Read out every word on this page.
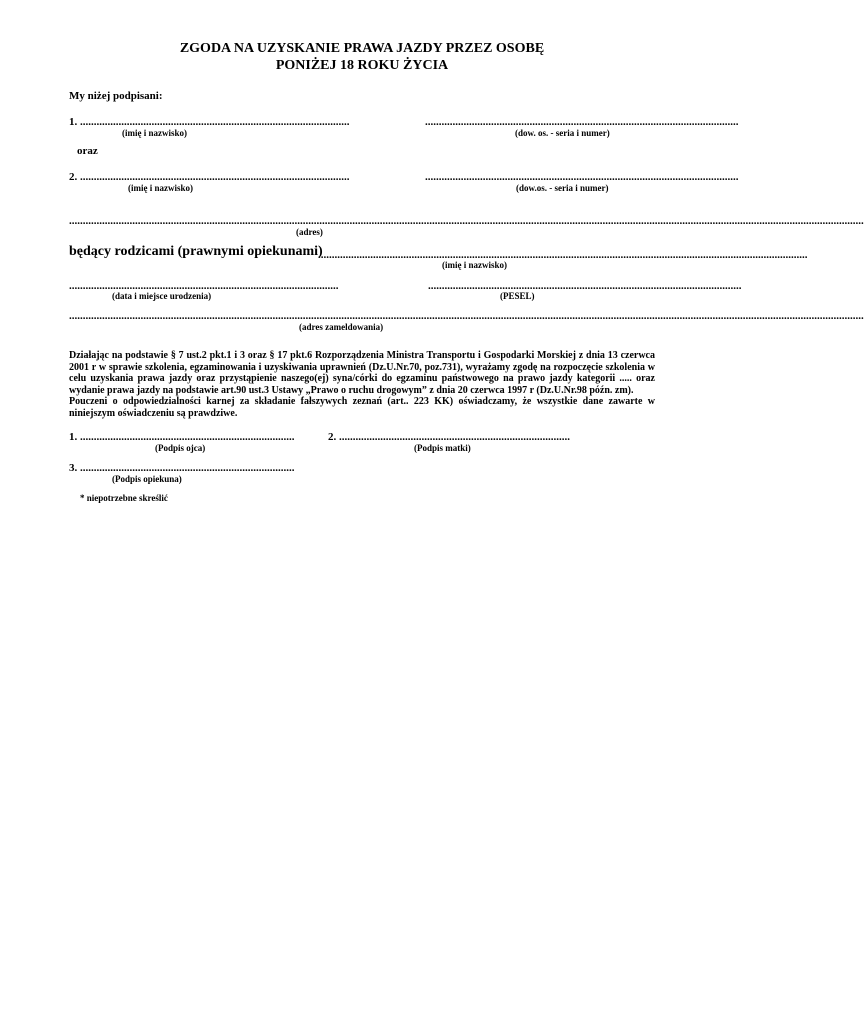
ZGODA NA UZYSKANIE PRAWA JAZDY PRZEZ OSOBĘ
PONIŻEJ 18 ROKU ŻYCIA
My niżej podpisani:
1. ..................................................................................................	..................................................................................................................
(imię i nazwisko)	(dow. os. - seria i numer)
oraz
2. ..................................................................................................	..................................................................................................................
(imię i nazwisko)	(dow.os. - seria i numer)
.................................................................................................................................................................................................................................................................................................
(adres)
będący rodzicami (prawnymi opiekunami)
..................................................................................................................................................................................
(imię i nazwisko)
..................................................................................................	..................................................................................................................
(data i miejsce urodzenia)	(PESEL)
.................................................................................................................................................................................................................................................................................................
(adres zameldowania)
Działając na podstawie § 7 ust.2 pkt.1 i 3 oraz § 17 pkt.6 Rozporządzenia Ministra Transportu i Gospodarki Morskiej z dnia 13 czerwca 2001 r w sprawie szkolenia, egzaminowania i uzyskiwania uprawnień (Dz.U.Nr.70, poz.731), wyrażamy zgodę na rozpoczęcie szkolenia w celu uzyskania prawa jazdy oraz przystąpienie naszego(ej) syna/córki do egzaminu państwowego na prawo jazdy kategorii ..... oraz wydanie prawa jazdy na podstawie art.90 ust.3 Ustawy „Prawo o ruchu drogowym” z dnia 20 czerwca 1997 r (Dz.U.Nr.98 późn. zm).
Pouczeni o odpowiedzialności karnej za składanie fałszywych zeznań (art.. 223 KK) oświadczamy, że wszystkie dane zawarte w niniejszym oświadczeniu są prawdziwe.
1. ..............................................................................
(Podpis ojca)
2. ....................................................................................
(Podpis matki)
3. ..............................................................................
(Podpis opiekuna)
* niepotrzebne skreślić
